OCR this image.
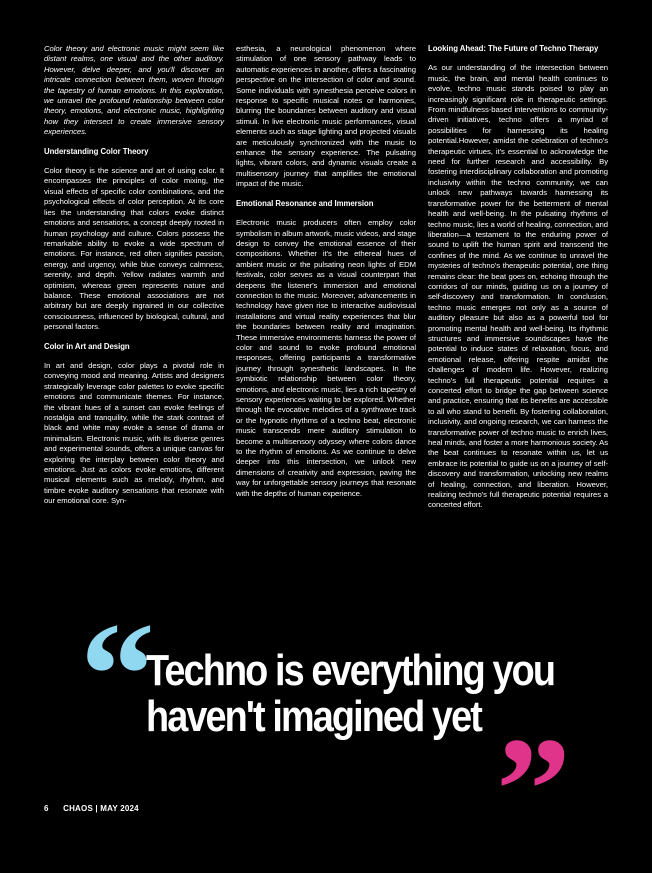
Color theory and electronic music might seem like distant realms, one visual and the other auditory. However, delve deeper, and you'll discover an intricate connection between them, woven through the tapestry of human emotions. In this exploration, we unravel the profound relationship between color theory, emotions, and electronic music, highlighting how they intersect to create immersive sensory experiences.

Understanding Color Theory

Color theory is the science and art of using color. It encompasses the principles of color mixing, the visual effects of specific color combinations, and the psychological effects of color perception. At its core lies the understanding that colors evoke distinct emotions and sensations, a concept deeply rooted in human psychology and culture. Colors possess the remarkable ability to evoke a wide spectrum of emotions. For instance, red often signifies passion, energy, and urgency, while blue conveys calmness, serenity, and depth. Yellow radiates warmth and optimism, whereas green represents nature and balance. These emotional associations are not arbitrary but are deeply ingrained in our collective consciousness, influenced by biological, cultural, and personal factors.

Color in Art and Design

In art and design, color plays a pivotal role in conveying mood and meaning. Artists and designers strategically leverage color palettes to evoke specific emotions and communicate themes. For instance, the vibrant hues of a sunset can evoke feelings of nostalgia and tranquility, while the stark contrast of black and white may evoke a sense of drama or minimalism. Electronic music, with its diverse genres and experimental sounds, offers a unique canvas for exploring the interplay between color theory and emotions. Just as colors evoke emotions, different musical elements such as melody, rhythm, and timbre evoke auditory sensations that resonate with our emotional core. Syn-

esthesia, a neurological phenomenon where stimulation of one sensory pathway leads to automatic experiences in another, offers a fascinating perspective on the intersection of color and sound. Some individuals with synesthesia perceive colors in response to specific musical notes or harmonies, blurring the boundaries between auditory and visual stimuli. In live electronic music performances, visual elements such as stage lighting and projected visuals are meticulously synchronized with the music to enhance the sensory experience. The pulsating lights, vibrant colors, and dynamic visuals create a multisensory journey that amplifies the emotional impact of the music.

Emotional Resonance and Immersion

Electronic music producers often employ color symbolism in album artwork, music videos, and stage design to convey the emotional essence of their compositions. Whether it's the ethereal hues of ambient music or the pulsating neon lights of EDM festivals, color serves as a visual counterpart that deepens the listener's immersion and emotional connection to the music. Moreover, advancements in technology have given rise to interactive audiovisual installations and virtual reality experiences that blur the boundaries between reality and imagination. These immersive environments harness the power of color and sound to evoke profound emotional responses, offering participants a transformative journey through synesthetic landscapes. In the symbiotic relationship between color theory, emotions, and electronic music, lies a rich tapestry of sensory experiences waiting to be explored. Whether through the evocative melodies of a synthwave track or the hypnotic rhythms of a techno beat, electronic music transcends mere auditory stimulation to become a multisensory odyssey where colors dance to the rhythm of emotions. As we continue to delve deeper into this intersection, we unlock new dimensions of creativity and expression, paving the way for unforgettable sensory journeys that resonate with the depths of human experience.

Looking Ahead: The Future of Techno Therapy

As our understanding of the intersection between music, the brain, and mental health continues to evolve, techno music stands poised to play an increasingly significant role in therapeutic settings. From mindfulness-based interventions to community-driven initiatives, techno offers a myriad of possibilities for harnessing its healing potential.However, amidst the celebration of techno's therapeutic virtues, it's essential to acknowledge the need for further research and accessibility. By fostering interdisciplinary collaboration and promoting inclusivity within the techno community, we can unlock new pathways towards harnessing its transformative power for the betterment of mental health and well-being. In the pulsating rhythms of techno music, lies a world of healing, connection, and liberation—a testament to the enduring power of sound to uplift the human spirit and transcend the confines of the mind. As we continue to unravel the mysteries of techno's therapeutic potential, one thing remains clear: the beat goes on, echoing through the corridors of our minds, guiding us on a journey of self-discovery and transformation. In conclusion, techno music emerges not only as a source of auditory pleasure but also as a powerful tool for promoting mental health and well-being. Its rhythmic structures and immersive soundscapes have the potential to induce states of relaxation, focus, and emotional release, offering respite amidst the challenges of modern life. However, realizing techno's full therapeutic potential requires a concerted effort to bridge the gap between science and practice, ensuring that its benefits are accessible to all who stand to benefit. By fostering collaboration, inclusivity, and ongoing research, we can harness the transformative power of techno music to enrich lives, heal minds, and foster a more harmonious society. As the beat continues to resonate within us, let us embrace its potential to guide us on a journey of self-discovery and transformation, unlocking new realms of healing, connection, and liberation. However, realizing techno's full therapeutic potential requires a concerted effort.

“
Techno is everything you
haven't imagined yet ”
6 CHAOS | MAY 2024
